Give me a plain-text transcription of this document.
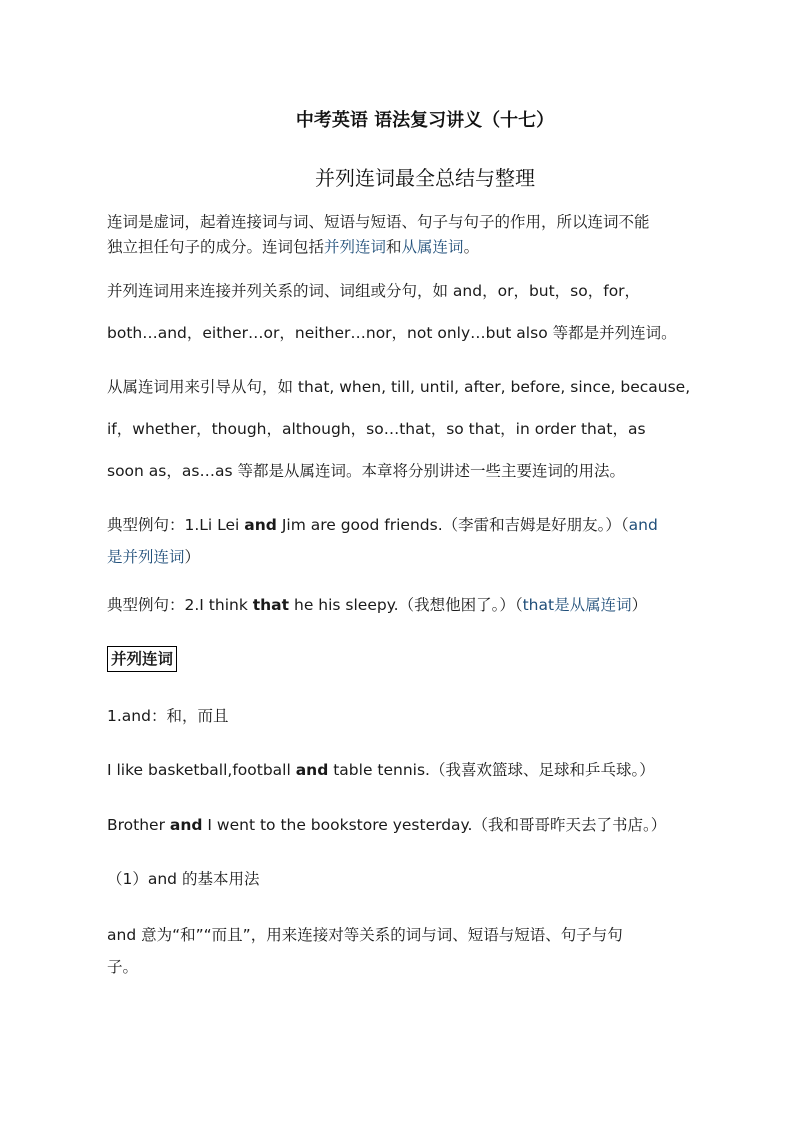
中考英语 语法复习讲义（十七）
并列连词最全总结与整理
连词是虚词，起着连接词与词、短语与短语、句子与句子的作用，所以连词不能
独立担任句子的成分。连词包括并列连词和从属连词。
并列连词用来连接并列关系的词、词组或分句，如 and，or，but，so，for，
both…and，either…or，neither…nor，not only…but also 等都是并列连词。
从属连词用来引导从句，如 that, when, till, until, after, before, since, because,
if，whether，though，although，so…that，so that，in order that，as
soon as，as…as 等都是从属连词。本章将分别讲述一些主要连词的用法。
典型例句：1.Li Lei and Jim are good friends.（李雷和吉姆是好朋友。）（and
是并列连词）
典型例句：2.I think that he his sleepy.（我想他困了。）（that是从属连词）
并列连词
1.and：和，而且
I like basketball,football and table tennis.（我喜欢篮球、足球和乒乓球。）
Brother and I went to the bookstore yesterday.（我和哥哥昨天去了书店。）
（1）and 的基本用法
and 意为“和”“而且”，用来连接对等关系的词与词、短语与短语、句子与句
子。
